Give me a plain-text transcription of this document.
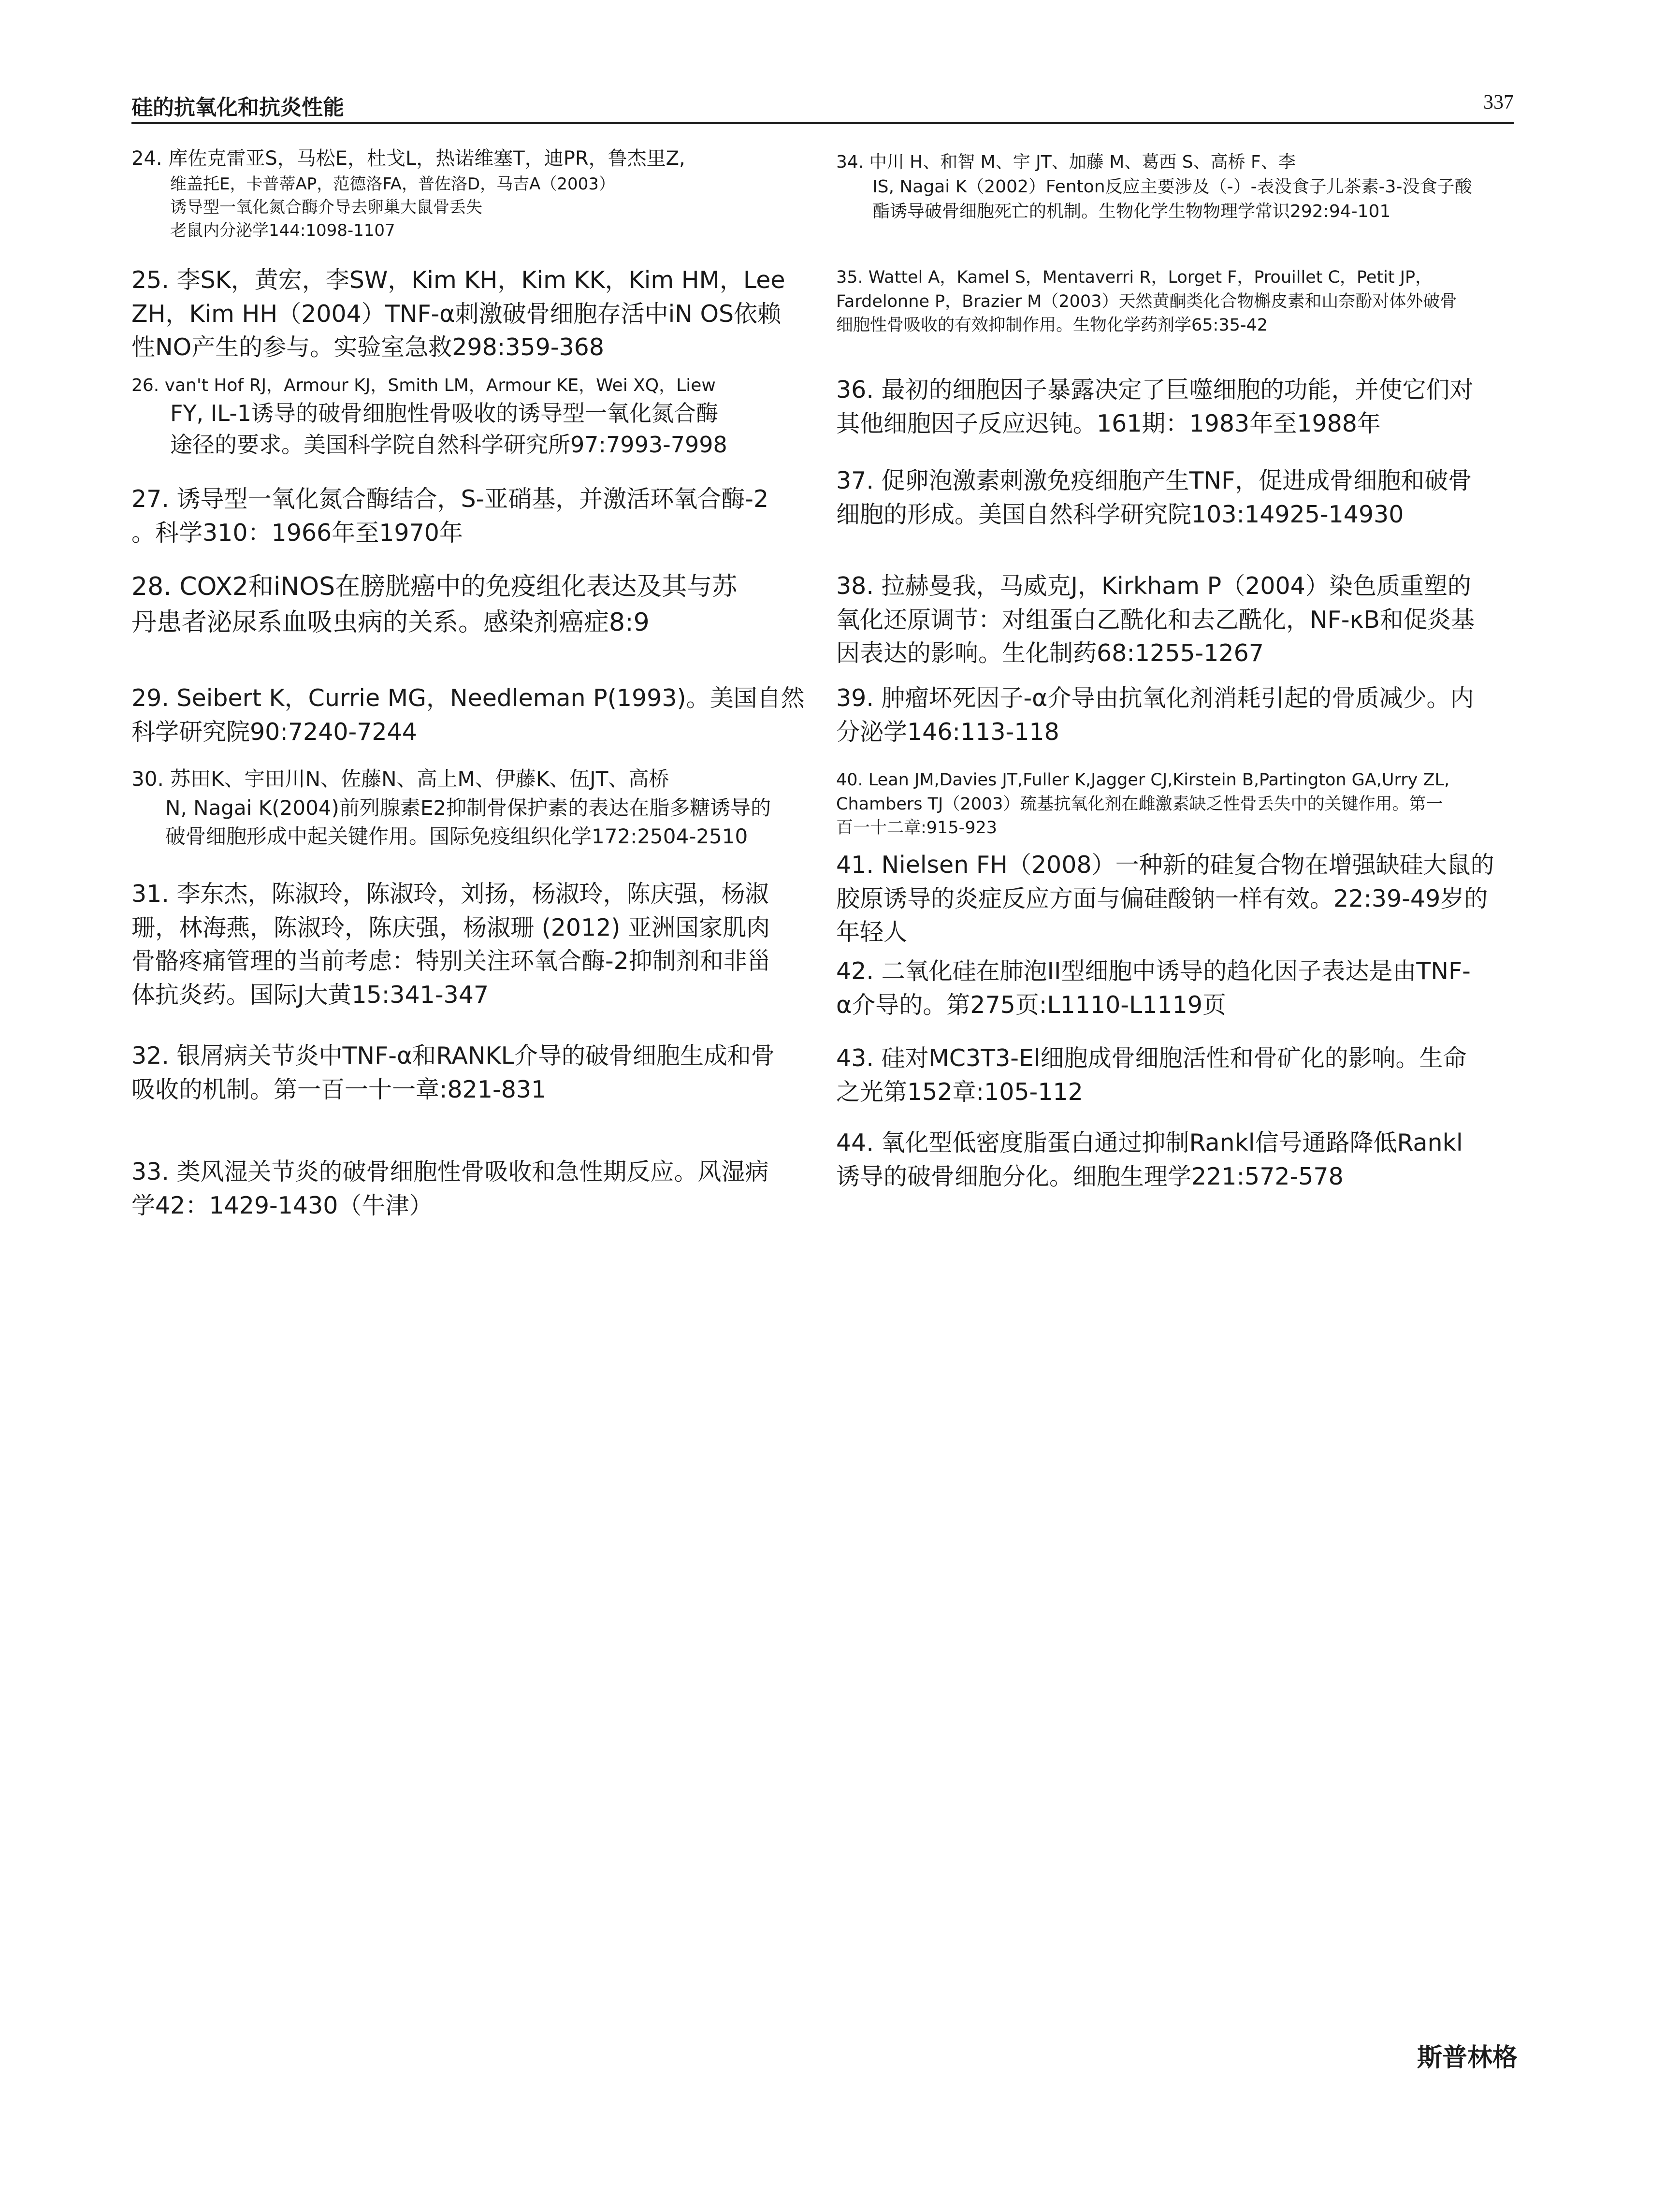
硅的抗氧化和抗炎性能	337
24. 库佐克雷亚S，马松E，杜戈L，热诺维塞T，迪PR，鲁杰里Z,
维盖托E，卡普蒂AP，范德洛FA，普佐洛D，马吉A（2003）
诱导型一氧化氮合酶介导去卵巢大鼠骨丢失
老鼠内分泌学144:1098-1107
25. 李SK，黄宏，李SW，Kim KH，Kim KK，Kim HM，Lee
ZH，Kim HH（2004）TNF-α刺激破骨细胞存活中iN OS依赖
性NO产生的参与。实验室急救298:359-368
26. van't Hof RJ，Armour KJ，Smith LM，Armour KE，Wei XQ，Liew
FY, IL-1诱导的破骨细胞性骨吸收的诱导型一氧化氮合酶
途径的要求。美国科学院自然科学研究所97:7993-7998
27. 诱导型一氧化氮合酶结合，S-亚硝基，并激活环氧合酶-2
。科学310：1966年至1970年
28. COX2和iNOS在膀胱癌中的免疫组化表达及其与苏
丹患者泌尿系血吸虫病的关系。感染剂癌症8:9
29. Seibert K，Currie MG，Needleman P(1993)。美国自然
科学研究院90:7240-7244
30. 苏田K、宇田川N、佐藤N、高上M、伊藤K、伍JT、高桥
N, Nagai K(2004)前列腺素E2抑制骨保护素的表达在脂多糖诱导的
破骨细胞形成中起关键作用。国际免疫组织化学172:2504-2510
31. 李东杰，陈淑玲，陈淑玲，刘扬，杨淑玲，陈庆强，杨淑
珊，林海燕，陈淑玲，陈庆强，杨淑珊 (2012) 亚洲国家肌肉
骨骼疼痛管理的当前考虑：特别关注环氧合酶-2抑制剂和非甾
体抗炎药。国际J大黄15:341-347
32. 银屑病关节炎中TNF-α和RANKL介导的破骨细胞生成和骨
吸收的机制。第一百一十一章:821-831
33. 类风湿关节炎的破骨细胞性骨吸收和急性期反应。风湿病
学42：1429-1430（牛津）
34. 中川 H、和智 M、宇 JT、加藤 M、葛西 S、高桥 F、李
IS, Nagai K（2002）Fenton反应主要涉及（-）-表没食子儿茶素-3-没食子酸
酯诱导破骨细胞死亡的机制。生物化学生物物理学常识292:94-101
35. Wattel A，Kamel S，Mentaverri R，Lorget F，Prouillet C，Petit JP，
Fardelonne P，Brazier M（2003）天然黄酮类化合物槲皮素和山奈酚对体外破骨
细胞性骨吸收的有效抑制作用。生物化学药剂学65:35-42
36. 最初的细胞因子暴露决定了巨噬细胞的功能，并使它们对
其他细胞因子反应迟钝。161期：1983年至1988年
37. 促卵泡激素刺激免疫细胞产生TNF，促进成骨细胞和破骨
细胞的形成。美国自然科学研究院103:14925-14930
38. 拉赫曼我，马威克J，Kirkham P（2004）染色质重塑的
氧化还原调节：对组蛋白乙酰化和去乙酰化，NF-κB和促炎基
因表达的影响。生化制药68:1255-1267
39. 肿瘤坏死因子-α介导由抗氧化剂消耗引起的骨质减少。内
分泌学146:113-118
40. Lean JM,Davies JT,Fuller K,Jagger CJ,Kirstein B,Partington GA,Urry ZL,
Chambers TJ（2003）巯基抗氧化剂在雌激素缺乏性骨丢失中的关键作用。第一
百一十二章:915-923
41. Nielsen FH（2008）一种新的硅复合物在增强缺硅大鼠的
胶原诱导的炎症反应方面与偏硅酸钠一样有效。22:39-49岁的
年轻人
42. 二氧化硅在肺泡II型细胞中诱导的趋化因子表达是由TNF-
α介导的。第275页:L1110-L1119页
43. 硅对MC3T3-El细胞成骨细胞活性和骨矿化的影响。生命
之光第152章:105-112
44. 氧化型低密度脂蛋白通过抑制Rankl信号通路降低Rankl
诱导的破骨细胞分化。细胞生理学221:572-578
斯普林格
